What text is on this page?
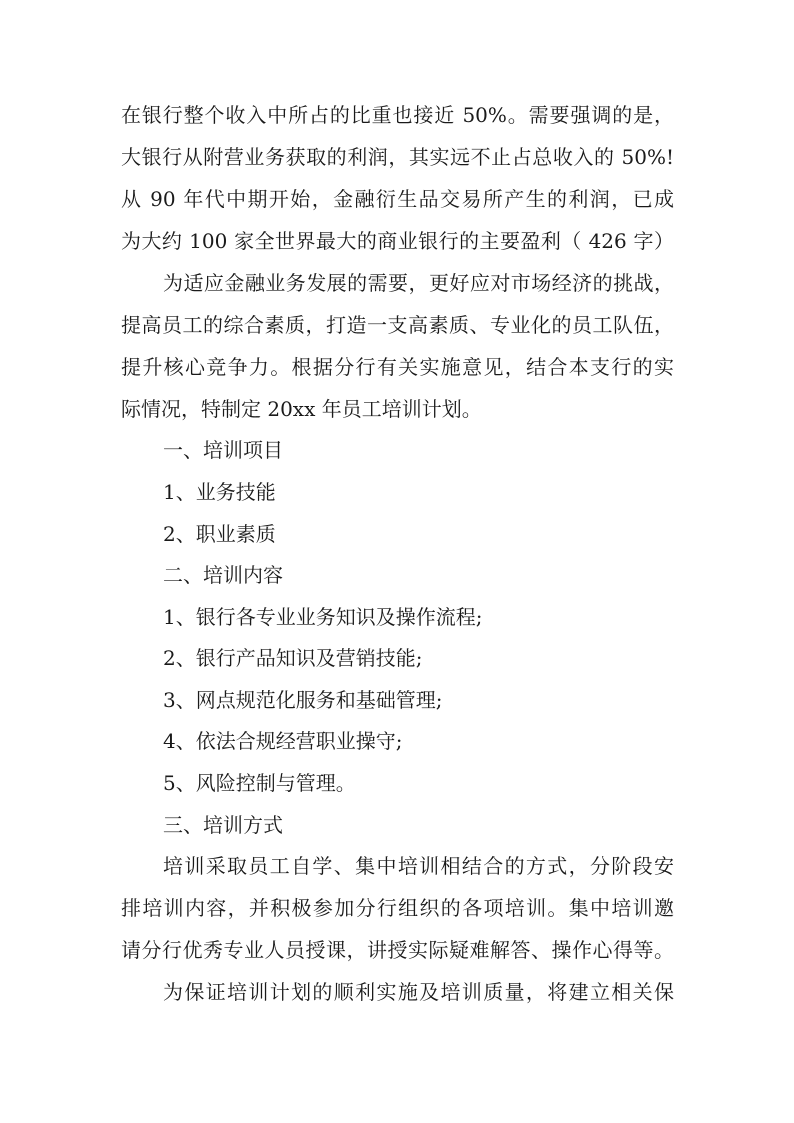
在银行整个收入中所占的比重也接近 50%。需要强调的是，
大银行从附营业务获取的利润，其实远不止占总收入的 50%!
从 90 年代中期开始，金融衍生品交易所产生的利润，已成
为大约 100 家全世界最大的商业银行的主要盈利（ 426 字）
为适应金融业务发展的需要，更好应对市场经济的挑战，
提高员工的综合素质，打造一支高素质、专业化的员工队伍，
提升核心竞争力。根据分行有关实施意见，结合本支行的实
际情况，特制定 20xx 年员工培训计划。
一、培训项目
1、业务技能
2、职业素质
二、培训内容
1、银行各专业业务知识及操作流程;
2、银行产品知识及营销技能;
3、网点规范化服务和基础管理;
4、依法合规经营职业操守;
5、风险控制与管理。
三、培训方式
培训采取员工自学、集中培训相结合的方式，分阶段安
排培训内容，并积极参加分行组织的各项培训。集中培训邀
请分行优秀专业人员授课，讲授实际疑难解答、操作心得等。
为保证培训计划的顺利实施及培训质量，将建立相关保
